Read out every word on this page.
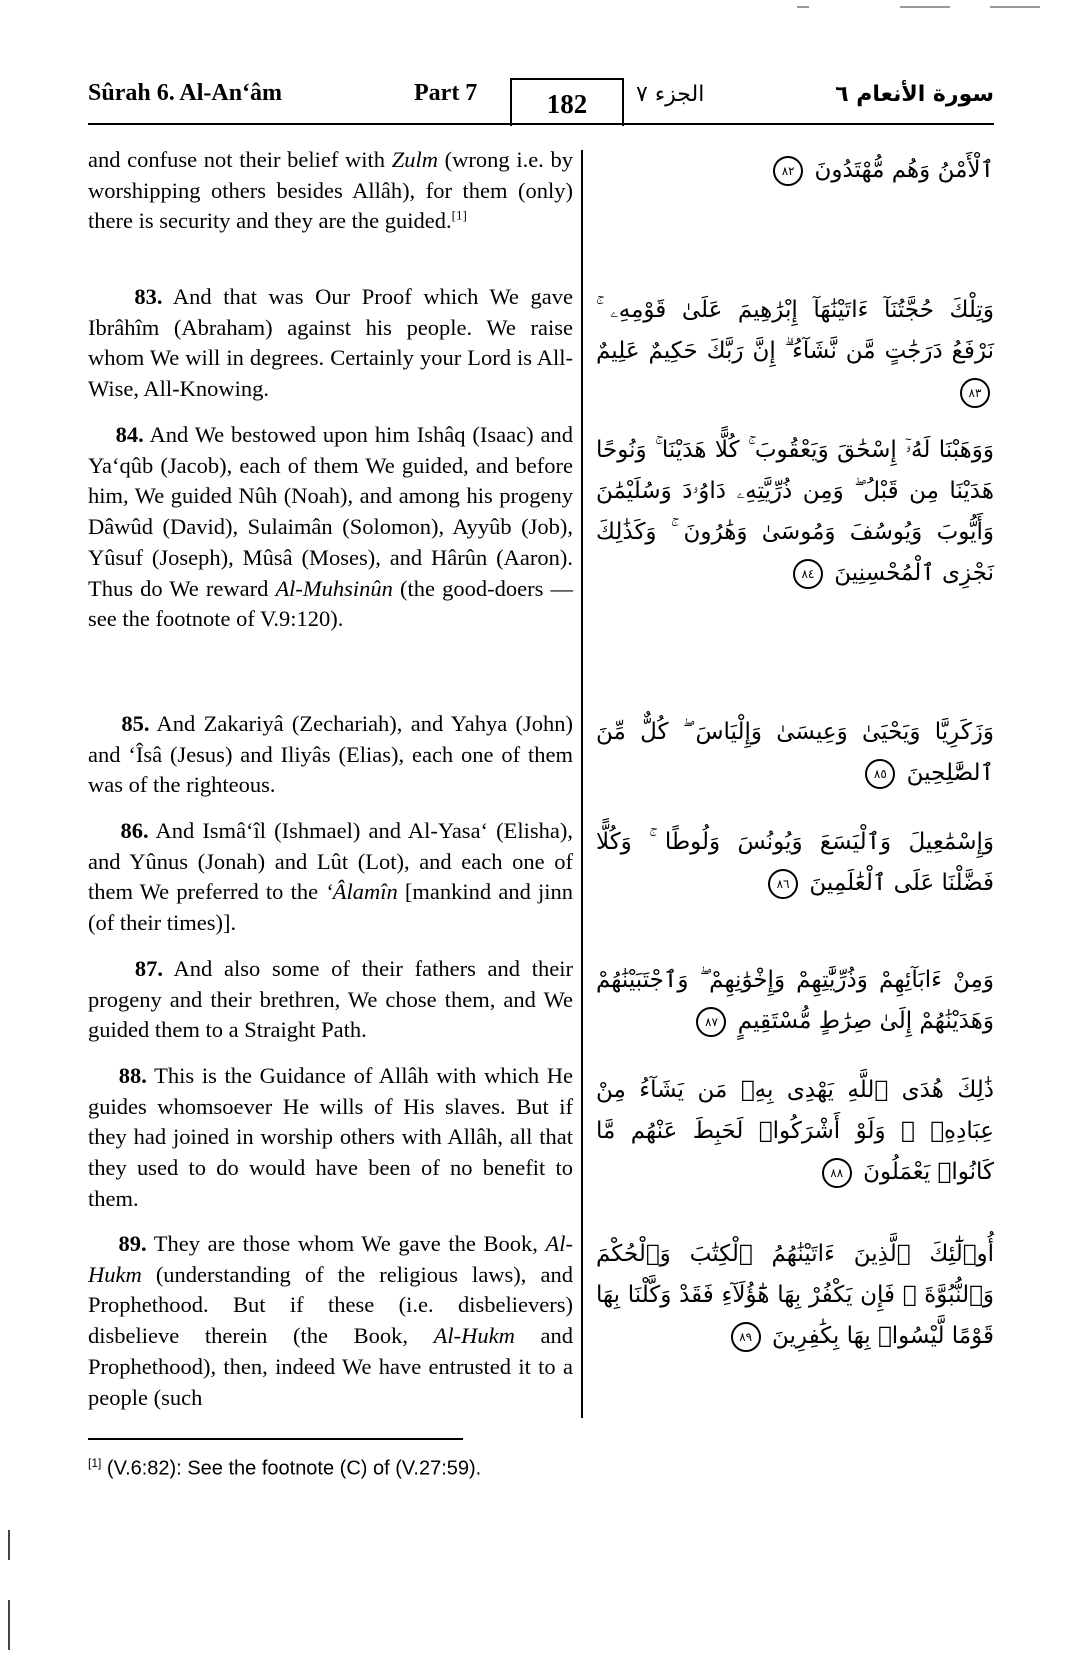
Sûrah 6. Al-An‘âm	Part 7	182	الجزء ٧	سورة الأنعام ٦
and confuse not their belief with Zulm (wrong i.e. by worshipping others besides Allâh), for them (only) there is security and they are the guided.[1]
ٱلْأَمْنُ وَهُم مُّهْتَدُونَ ٨٢
83. And that was Our Proof which We gave Ibrâhîm (Abraham) against his people. We raise whom We will in degrees. Certainly your Lord is All-Wise, All-Knowing.
وَتِلْكَ حُجَّتُنَآ ءَاتَيْنَٰهَآ إِبْرَٰهِيمَ عَلَىٰ قَوْمِهِۦ ۚ نَرْفَعُ دَرَجَٰتٍ مَّن نَّشَآءُ ۗ إِنَّ رَبَّكَ حَكِيمٌ عَلِيمٌ ٨٣
84. And We bestowed upon him Ishâq (Isaac) and Ya‘qûb (Jacob), each of them We guided, and before him, We guided Nûh (Noah), and among his progeny Dâwûd (David), Sulaimân (Solomon), Ayyûb (Job), Yûsuf (Joseph), Mûsâ (Moses), and Hârûn (Aaron). Thus do We reward Al-Muhsinûn (the good-doers — see the footnote of V.9:120).
وَوَهَبْنَا لَهُۥٓ إِسْحَٰقَ وَيَعْقُوبَ ۚ كُلًّا هَدَيْنَا ۚ وَنُوحًا هَدَيْنَا مِن قَبْلُ ۖ وَمِن ذُرِّيَّتِهِۦ دَاوُۥدَ وَسُلَيْمَٰنَ وَأَيُّوبَ وَيُوسُفَ وَمُوسَىٰ وَهَٰرُونَ ۚ وَكَذَٰلِكَ نَجْزِى ٱلْمُحْسِنِينَ ٨٤
85. And Zakariyâ (Zechariah), and Yahya (John) and ‘Îsâ (Jesus) and Iliyâs (Elias), each one of them was of the righteous.
وَزَكَرِيَّا وَيَحْيَىٰ وَعِيسَىٰ وَإِلْيَاسَ ۖ كُلٌّ مِّنَ ٱلصَّٰلِحِينَ ٨٥
86. And Ismâ‘îl (Ishmael) and Al-Yasa‘ (Elisha), and Yûnus (Jonah) and Lût (Lot), and each one of them We preferred to the ‘Âlamîn [mankind and jinn (of their times)].
وَإِسْمَٰعِيلَ وَٱلْيَسَعَ وَيُونُسَ وَلُوطًا ۚ وَكُلًّا فَضَّلْنَا عَلَى ٱلْعَٰلَمِينَ ٨٦
87. And also some of their fathers and their progeny and their brethren, We chose them, and We guided them to a Straight Path.
وَمِنْ ءَابَآئِهِمْ وَذُرِّيَّٰتِهِمْ وَإِخْوَٰنِهِمْ ۖ وَٱجْتَبَيْنَٰهُمْ وَهَدَيْنَٰهُمْ إِلَىٰ صِرَٰطٍ مُّسْتَقِيمٍ ٨٧
88. This is the Guidance of Allâh with which He guides whomsoever He wills of His slaves. But if they had joined in worship others with Allâh, all that they used to do would have been of no benefit to them.
ذَٰلِكَ هُدَى ٱللَّهِ يَهْدِى بِهِۦ مَن يَشَآءُ مِنْ عِبَادِهِۦ ۚ وَلَوْ أَشْرَكُوا۟ لَحَبِطَ عَنْهُم مَّا كَانُوا۟ يَعْمَلُونَ ٨٨
89. They are those whom We gave the Book, Al-Hukm (understanding of the religious laws), and Prophethood. But if these (i.e. disbelievers) disbelieve therein (the Book, Al-Hukm and Prophethood), then, indeed We have entrusted it to a people (such
أُو۟لَٰٓئِكَ ٱلَّذِينَ ءَاتَيْنَٰهُمُ ٱلْكِتَٰبَ وَٱلْحُكْمَ وَٱلنُّبُوَّةَ ۚ فَإِن يَكْفُرْ بِهَا هَٰٓؤُلَآءِ فَقَدْ وَكَّلْنَا بِهَا قَوْمًا لَّيْسُوا۟ بِهَا بِكَٰفِرِينَ ٨٩
[1] (V.6:82): See the footnote (C) of (V.27:59).
